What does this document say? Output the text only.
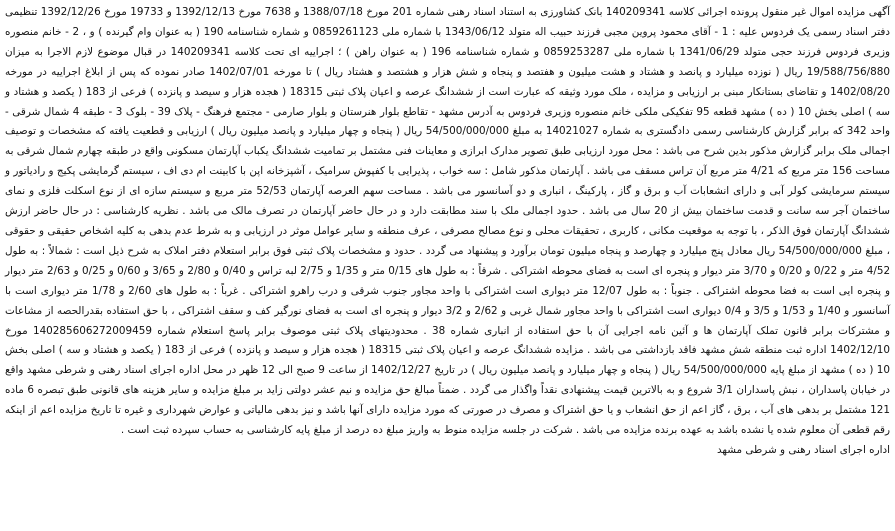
آگهی مزایده اموال غیر منقول پرونده اجرائی کلاسه 140209341 بانک کشاورزی به استناد اسناد رهنی شماره 201 مورخ 1388/07/18 و 7638 مورخ 1392/12/13 و 19733 مورخ 1392/12/26 تنظیمی دفتر اسناد رسمی یک فردوس علیه : 1 - آقای محمود پروین مجبی فرزند حبیب اله متولد 1343/06/12 با شماره ملی 0859261123 و شماره شناسنامه 190 ( به عنوان وام گیرنده ) و ، 2 - خانم منصوره وزیری فردوس فرزند حجی متولد 1341/06/29 با شماره ملی 0859253287 و شماره شناسنامه 196 ( به عنوان راهن ) ؛ اجراییه ای تحت کلاسه 140209341 در قبال موضوع لازم الاجرا به میزان 19/588/756/880 ریال ( نوزده میلیارد و پانصد و هشتاد و هشت میلیون و هفتصد و پنجاه و شش هزار و هشتصد و هشتاد ریال ) تا مورخه 1402/07/01 صادر نموده که پس از ابلاغ اجراییه در مورخه 1402/08/20 و تقاضای بستانکار مبنی بر ارزیابی و مزایده ، ملک مورد وثیقه که عبارت است از ششدانگ عرصه و اعیان پلاک ثبتی 18315 ( هجده هزار و سیصد و پانزده ) فرعی از 183 ( یکصد و هشتاد و سه ) اصلی بخش 10 ( ده ) مشهد قطعه 95 تفکیکی ملکی خانم منصوره وزیری فردوس به آدرس مشهد - تقاطع بلوار هنرستان و بلوار صارمی - مجتمع فرهنگ - پلاک 39 - بلوک 3 - طبقه 4 شمال شرقی - واحد 342 که برابر گزارش کارشناسی رسمی دادگستری به شماره 14021027 به مبلغ 54/500/000/000 ریال ( پنجاه و چهار میلیارد و پانصد میلیون ریال ) ارزیابی و قطعیت یافته که مشخصات و توصیف اجمالی ملک برابر گزارش مذکور بدین شرح می باشد : محل مورد ارزیابی طبق تصویر مدارک ابرازی و معاینات فنی مشتمل بر تمامیت ششدانگ یکباب آپارتمان مسکونی واقع در طبقه چهارم شمال شرقی به مساحت 156 متر مربع که 4/21 متر مربع آن تراس مسقف می باشد . آپارتمان مذکور شامل : سه خواب ، پذیرایی با کفپوش سرامیک ، آشپزخانه اپن با کابینت ام دی اف ، سیستم گرمایشی پکیج و رادیاتور و سیستم سرمایشی کولر آبی و دارای انشعابات آب و برق و گاز ، پارکینگ ، انباری و دو آسانسور می باشد . مساحت سهم العرصه آپارتمان 52/53 متر مربع و سیستم سازه ای از نوع اسکلت فلزی و نمای ساختمان آجر سه سانت و قدمت ساختمان بیش از 20 سال می باشد . حدود اجمالی ملک با سند مطابقت دارد و در حال حاضر آپارتمان در تصرف مالک می باشد . نظریه کارشناسی : در حال حاضر ارزش ششدانگ آپارتمان فوق الذکر ، با توجه به موقعیت مکانی ، کاربری ، تحقیقات محلی و نوع مصالح مصرفی ، عرف منطقه و سایر عوامل موثر در ارزیابی و به شرط عدم بدهی به کلیه اشخاص حقیقی و حقوقی ، مبلغ 54/500/000/000 ریال معادل پنج میلیارد و چهارصد و پنجاه میلیون تومان برآورد و پیشنهاد می گردد . حدود و مشخصات پلاک ثبتی فوق برابر استعلام دفتر املاک به شرح ذیل است : شمالاً : به طول 4/52 متر و 0/22 و 0/20 و 3/70 متر دیوار و پنجره ای است به فضای محوطه اشتراکی . شرقاً : به طول های 0/15 متر و 1/35 و 2/75 لبه تراس و 0/40 و 2/80 و 3/65 و 0/60 و 0/25 و 2/63 متر دیوار و پنجره ایی است به فضا محوطه اشتراکی . جنوباً : به طول 12/07 متر دیواری است اشتراکی با واحد مجاور جنوب شرقی و درب راهرو اشتراکی . غرباً : به طول های 2/60 و 1/78 متر دیواری است با آسانسور و 1/40 و 1/53 و 3/5 و 0/4 دیواری است اشتراکی با واحد مجاور شمال غربی و 2/62 و 3/2 دیوار و پنجره ای است به فضای نورگیر کف و سقف اشتراکی ، با حق استفاده بقدرالحصه از مشاعات و مشترکات برابر قانون تملک آپارتمان ها و آئین نامه اجرایی آن با حق استفاده از انباری شماره 38 . محدودیتهای پلاک ثبتی موصوف برابر پاسخ استعلام شماره 140285606272009459 مورخ 1402/12/10 اداره ثبت منطقه شش مشهد فاقد بازداشتی می باشد . مزایده ششدانگ عرصه و اعیان پلاک ثبتی 18315 ( هجده هزار و سیصد و پانزده ) فرعی از 183 ( یکصد و هشتاد و سه ) اصلی بخش 10 ( ده ) مشهد از مبلغ پایه 54/500/000/000 ریال ( پنجاه و چهار میلیارد و پانصد میلیون ریال ) در تاریخ 1402/12/27 از ساعت 9 صبح الی 12 ظهر در محل اداره اجرای اسناد رهنی و شرطی مشهد واقع در خیابان پاسداران ، نبش پاسداران 3/1 شروع و به بالاترین قیمت پیشنهادی نقداً واگذار می گردد . ضمناً مبالغ حق مزایده و نیم عشر دولتی زاید بر مبلغ مزایده و سایر هزینه های قانونی طبق تبصره 6 ماده 121 مشتمل بر بدهی های آب ، برق ، گاز اعم از حق انشعاب و یا حق اشتراک و مصرف در صورتی که مورد مزایده دارای آنها باشد و نیز بدهی مالیاتی و عوارض شهرداری و غیره تا تاریخ مزایده اعم از اینکه رقم قطعی آن معلوم شده یا نشده باشد به عهده برنده مزایده می باشد . شرکت در جلسه مزایده منوط به واریز مبلغ ده درصد از مبلغ پایه کارشناسی به حساب سپرده ثبت است .

اداره اجرای اسناد رهنی و شرطی مشهد
